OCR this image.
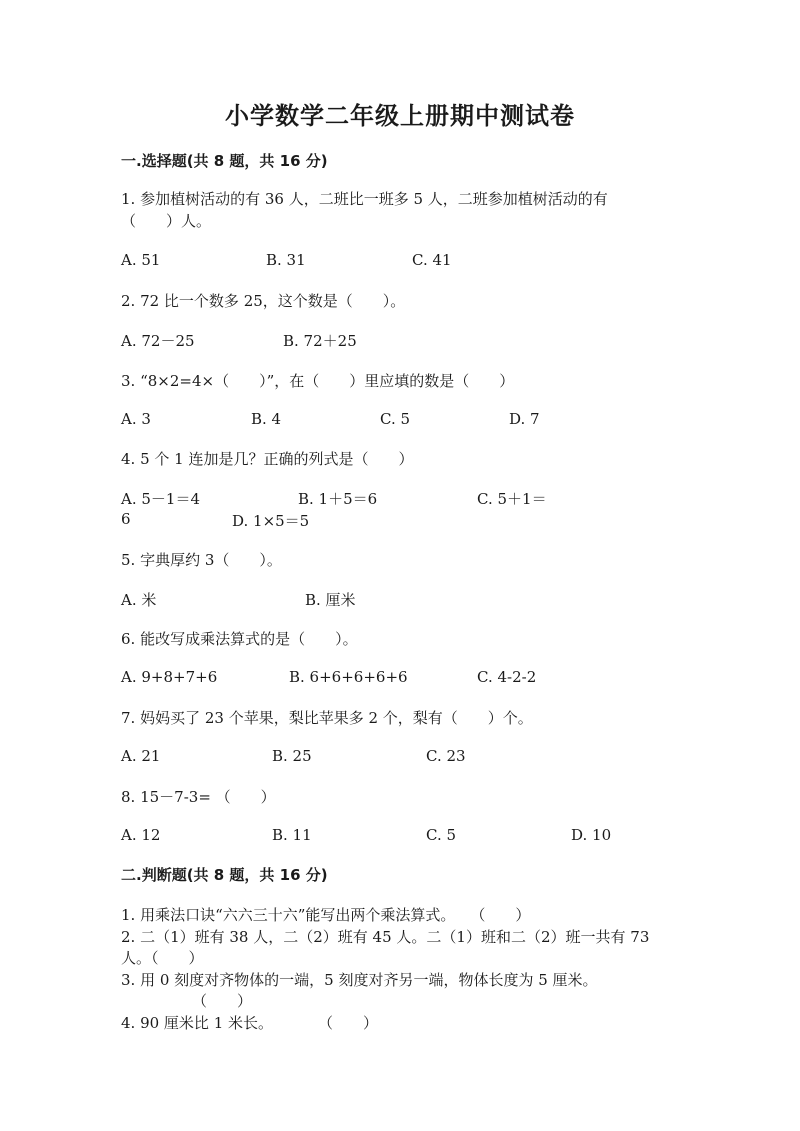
小学数学二年级上册期中测试卷
一.选择题(共 8 题，共 16 分)
1. 参加植树活动的有 36 人，二班比一班多 5 人，二班参加植树活动的有
（　　）人。
A. 51	B. 31	C. 41
2. 72 比一个数多 25，这个数是（　　）。
A. 72－25	B. 72＋25
3. “8×2=4×（　　）”，在（　　）里应填的数是（　　）
A. 3	B. 4	C. 5	D. 7
4. 5 个 1 连加是几？正确的列式是（　　）
A. 5－1＝4	B. 1＋5＝6	C. 5＋1＝
6	D. 1×5＝5
5. 字典厚约 3（　　）。
A. 米	B. 厘米
6. 能改写成乘法算式的是（　　）。
A. 9+8+7+6	B. 6+6+6+6+6	C. 4-2-2
7. 妈妈买了 23 个苹果，梨比苹果多 2 个，梨有（　　）个。
A. 21	B. 25	C. 23
8. 15－7-3= （　　）
A. 12	B. 11	C. 5	D. 10
二.判断题(共 8 题，共 16 分)
1. 用乘法口诀“六六三十六”能写出两个乘法算式。　　（　　）
2. 二（1）班有 38 人，二（2）班有 45 人。二（1）班和二（2）班一共有 73
人。（　　）
3. 用 0 刻度对齐物体的一端，5 刻度对齐另一端，物体长度为 5 厘米。
（　　）
4. 90 厘米比 1 米长。　　　　（　　）
